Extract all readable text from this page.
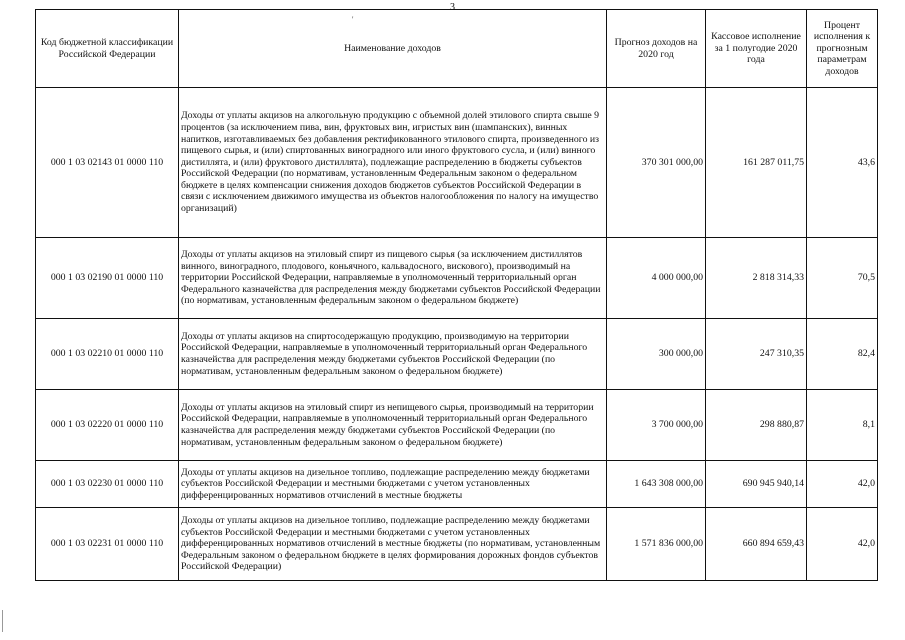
3
'
Код бюджетной классификации Российской Федерации	Наименование доходов	Прогноз доходов на 2020 год	Кассовое исполнение за 1 полугодие 2020 года	Процент исполнения к прогнозным параметрам доходов
000 1 03 02143 01 0000 110	Доходы от уплаты акцизов на алкогольную продукцию с объемной долей этилового спирта свыше 9 процентов (за исключением пива, вин, фруктовых вин, игристых вин (шампанских), винных напитков, изготавливаемых без добавления ректификованного этилового спирта, произведенного из пищевого сырья, и (или) спиртованных виноградного или иного фруктового сусла, и (или) винного дистиллята, и (или) фруктового дистиллята), подлежащие распределению в бюджеты субъектов Российской Федерации (по нормативам, установленным Федеральным законом о федеральном бюджете в целях компенсации снижения доходов бюджетов субъектов Российской Федерации в связи с исключением движимого имущества из объектов налогообложения по налогу на имущество организаций)	370 301 000,00	161 287 011,75	43,6
000 1 03 02190 01 0000 110	Доходы от уплаты акцизов на этиловый спирт из пищевого сырья (за исключением дистиллятов винного, виноградного, плодового, коньячного, кальвадосного, вискового), производимый на территории Российской Федерации, направляемые в уполномоченный территориальный орган Федерального казначейства для распределения между бюджетами субъектов Российской Федерации (по нормативам, установленным федеральным законом о федеральном бюджете)	4 000 000,00	2 818 314,33	70,5
000 1 03 02210 01 0000 110	Доходы от уплаты акцизов на спиртосодержащую продукцию, производимую на территории Российской Федерации, направляемые в уполномоченный территориальный орган Федерального казначейства для распределения между бюджетами субъектов Российской Федерации (по нормативам, установленным федеральным законом о федеральном бюджете)	300 000,00	247 310,35	82,4
000 1 03 02220 01 0000 110	Доходы от уплаты акцизов на этиловый спирт из непищевого сырья, производимый на территории Российской Федерации, направляемые в уполномоченный территориальный орган Федерального казначейства для распределения между бюджетами субъектов Российской Федерации (по нормативам, установленным федеральным законом о федеральном бюджете)	3 700 000,00	298 880,87	8,1
000 1 03 02230 01 0000 110	Доходы от уплаты акцизов на дизельное топливо, подлежащие распределению между бюджетами субъектов Российской Федерации и местными бюджетами с учетом установленных дифференцированных нормативов отчислений в местные бюджеты	1 643 308 000,00	690 945 940,14	42,0
000 1 03 02231 01 0000 110	Доходы от уплаты акцизов на дизельное топливо, подлежащие распределению между бюджетами субъектов Российской Федерации и местными бюджетами с учетом установленных дифференцированных нормативов отчислений в местные бюджеты (по нормативам, установленным Федеральным законом о федеральном бюджете в целях формирования дорожных фондов субъектов Российской Федерации)	1 571 836 000,00	660 894 659,43	42,0
